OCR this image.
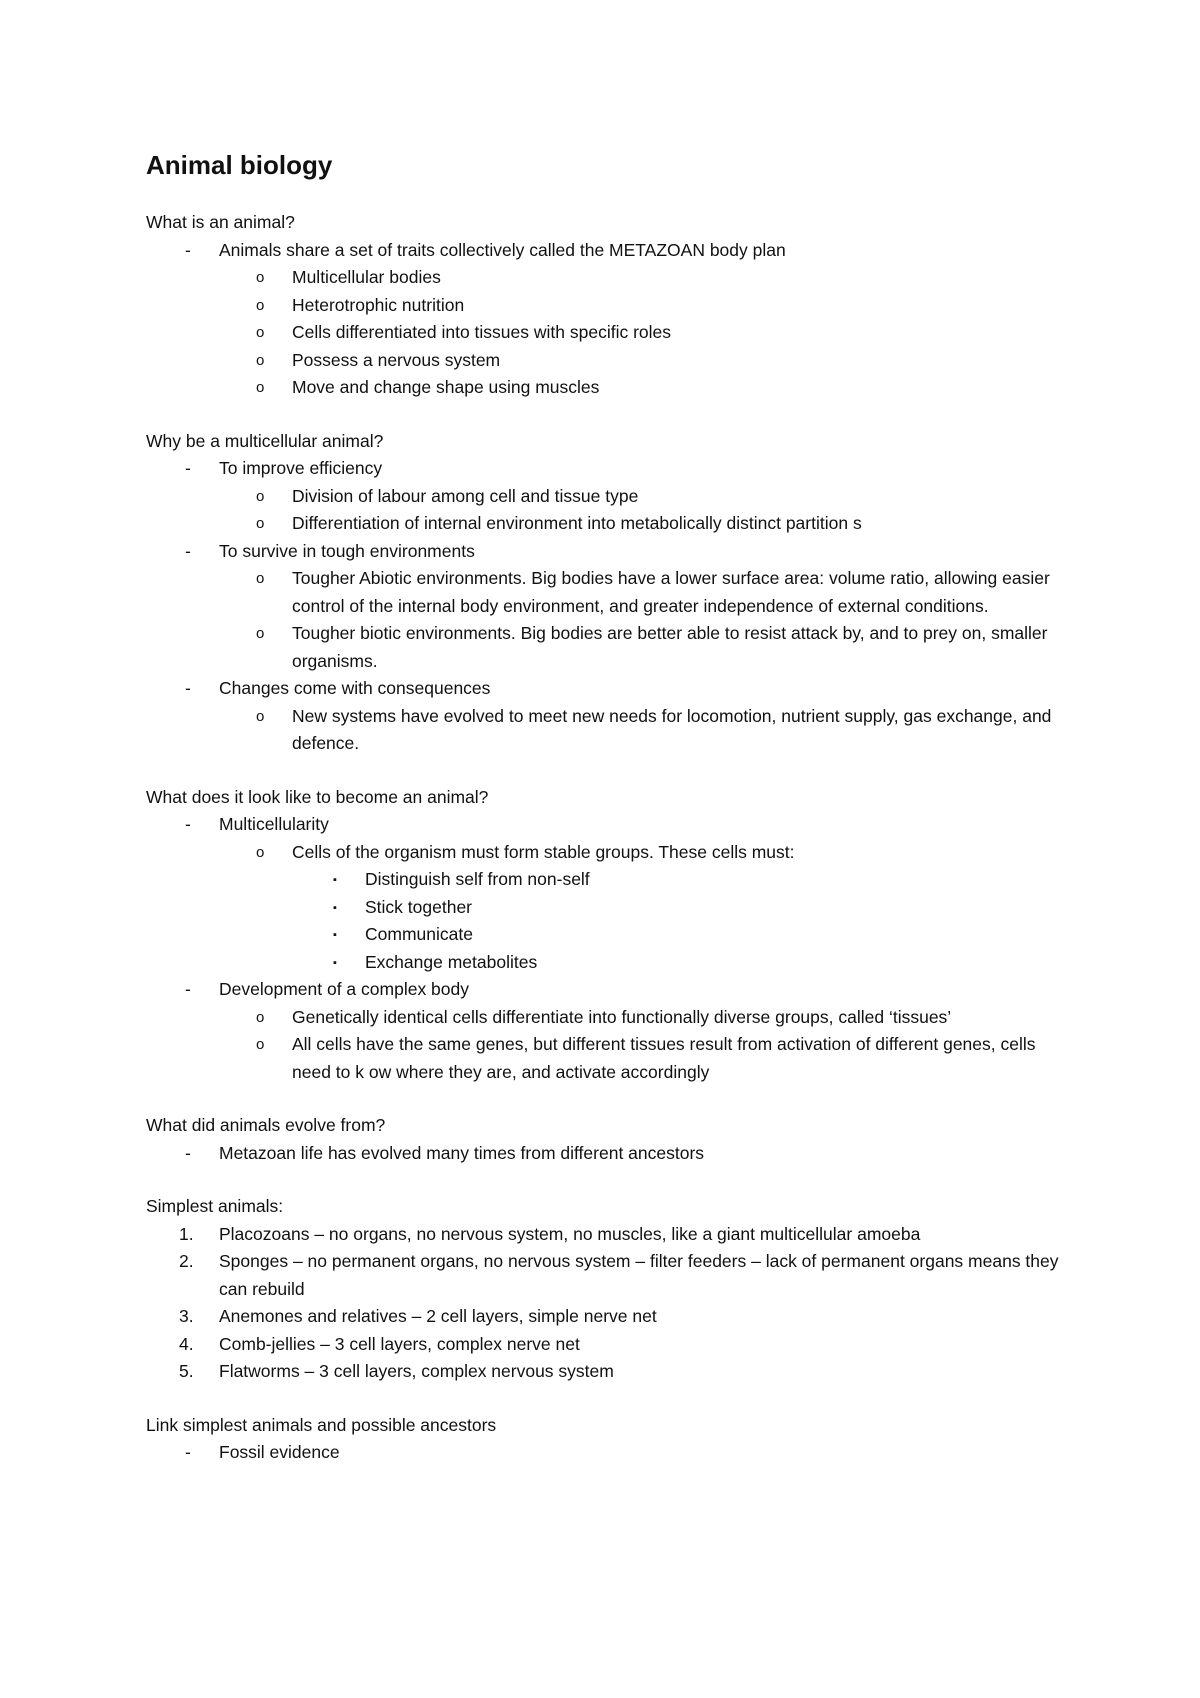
Animal biology
What is an animal?
- Animals share a set of traits collectively called the METAZOAN body plan
o Multicellular bodies
o Heterotrophic nutrition
o Cells differentiated into tissues with specific roles
o Possess a nervous system
o Move and change shape using muscles
Why be a multicellular animal?
- To improve efficiency
o Division of labour among cell and tissue type
o Differentiation of internal environment into metabolically distinct partition s
- To survive in tough environments
o Tougher Abiotic environments. Big bodies have a lower surface area: volume ratio, allowing easier control of the internal body environment, and greater independence of external conditions.
o Tougher biotic environments. Big bodies are better able to resist attack by, and to prey on, smaller organisms.
- Changes come with consequences
o New systems have evolved to meet new needs for locomotion, nutrient supply, gas exchange, and defence.
What does it look like to become an animal?
- Multicellularity
o Cells of the organism must form stable groups. These cells must:
▪ Distinguish self from non-self
▪ Stick together
▪ Communicate
▪ Exchange metabolites
- Development of a complex body
o Genetically identical cells differentiate into functionally diverse groups, called ‘tissues’
o All cells have the same genes, but different tissues result from activation of different genes, cells need to k ow where they are, and activate accordingly
What did animals evolve from?
- Metazoan life has evolved many times from different ancestors
Simplest animals:
1. Placozoans – no organs, no nervous system, no muscles, like a giant multicellular amoeba
2. Sponges – no permanent organs, no nervous system – filter feeders – lack of permanent organs means they can rebuild
3. Anemones and relatives – 2 cell layers, simple nerve net
4. Comb-jellies – 3 cell layers, complex nerve net
5. Flatworms – 3 cell layers, complex nervous system
Link simplest animals and possible ancestors
- Fossil evidence
